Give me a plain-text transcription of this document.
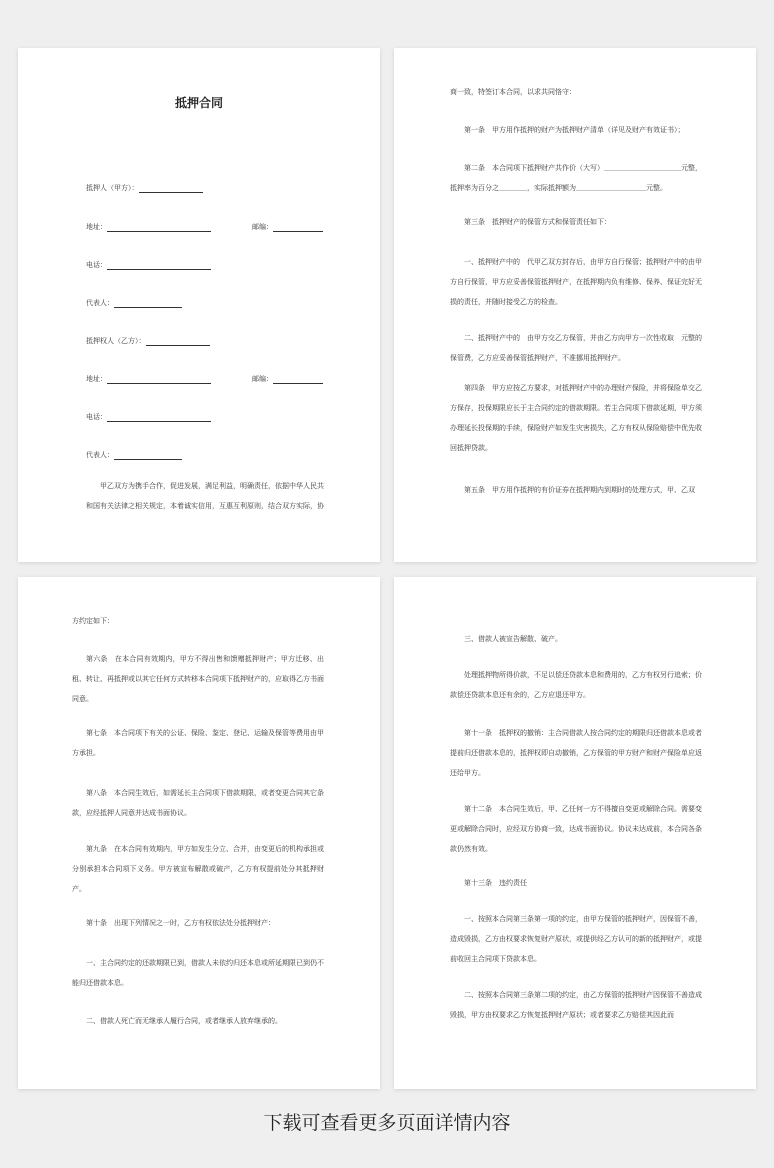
抵押合同
抵押人（甲方）：
地址：	邮编：
电话：
代表人：
抵押权人（乙方）：
地址：	邮编：
电话：
代表人：
甲乙双方为携手合作，促进发展，满足利益，明确责任，依据中华人民共和国有关法律之相关规定，本着诚实信用，互惠互利原则，结合双方实际，协
商一致，特签订本合同，以求共同恪守：
第一条　甲方用作抵押的财产为抵押财产清单（详见及财产有效证书）；
第二条　本合同项下抵押财产共作价（大写）＿＿＿＿＿＿＿＿＿＿＿元整，抵押率为百分之＿＿＿＿，实际抵押额为＿＿＿＿＿＿＿＿＿＿元整。
第三条　抵押财产的保管方式和保管责任如下：
一、抵押财产中的　代甲乙双方封存后，由甲方自行保管；抵押财产中的由甲方自行保管，甲方应妥善保管抵押财产，在抵押期内负有维修、保养、保证完好无损的责任，并随时接受乙方的检查。
二、抵押财产中的　由甲方交乙方保管，并由乙方向甲方一次性收取　元整的保管费，乙方应妥善保管抵押财产，不准挪用抵押财产。
第四条　甲方应按乙方要求，对抵押财产中的办理财产保险，并将保险单交乙方保存，投保期限应长于主合同约定的借款期限。若主合同项下借款延期，甲方须办理延长投保期的手续，保险财产如发生灾害损失，乙方有权从保险赔偿中优先收回抵押贷款。
第五条　甲方用作抵押的有价证券在抵押期内到期时的处理方式，甲、乙双
方约定如下：
第六条　在本合同有效期内，甲方不得出售和馈赠抵押财产；甲方迁移、出租、转让、再抵押或以其它任何方式转移本合同项下抵押财产的，应取得乙方书面同意。
第七条　本合同项下有关的公证、保险、鉴定、登记、运输及保管等费用由甲方承担。
第八条　本合同生效后，如需延长主合同项下借款期限，或者变更合同其它条款，应经抵押人同意并达成书面协议。
第九条　在本合同有效期内，甲方如发生分立、合并，由变更后的机构承担或分别承担本合同项下义务。甲方被宣布解散或破产，乙方有权提前处分其抵押财产。
第十条　出现下列情况之一时，乙方有权依法处分抵押财产：
一、主合同约定的还款期限已到，借款人未依约归还本息或所延期限已到仍不能归还借款本息。
二、借款人死亡而无继承人履行合同，或者继承人放弃继承的。
三、借款人被宣告解散、破产。
处理抵押物所得价款，不足以偿还贷款本息和费用的，乙方有权另行追索；价款偿还贷款本息还有余的，乙方应退还甲方。
第十一条　抵押权的撤销：主合同借款人按合同约定的期限归还借款本息或者提前归还借款本息的，抵押权即自动撤销，乙方保管的甲方财产和财产保险单应返还给甲方。
第十二条　本合同生效后，甲、乙任何一方不得擅自变更或解除合同。需要变更或解除合同时，应经双方协商一致，达成书面协议。协议未达成前，本合同各条款仍然有效。
第十三条　违约责任
一、按照本合同第三条第一项的约定，由甲方保管的抵押财产，因保管不善，造成毁损，乙方由权要求恢复财产原状，或提供经乙方认可的新的抵押财产，或提前收回主合同项下贷款本息。
二、按照本合同第三条第二项的约定，由乙方保管的抵押财产因保管不善造成毁损，甲方由权要求乙方恢复抵押财产原状；或者要求乙方赔偿其因此而
下载可查看更多页面详情内容
